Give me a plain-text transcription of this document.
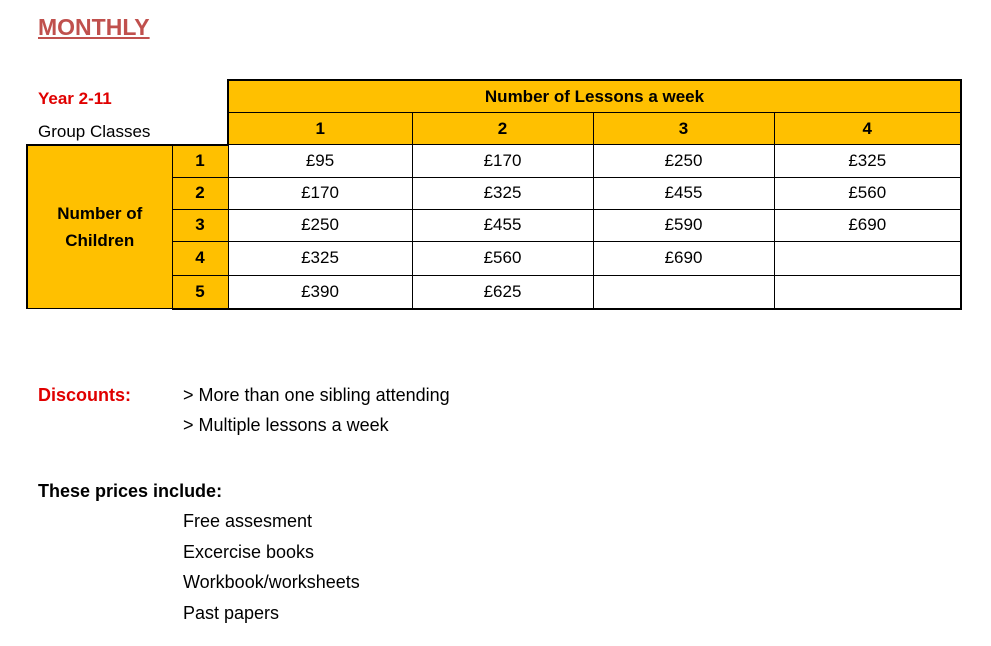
MONTHLY
		Number of Lessons a week			
		1	2	3	4
Number of
Children	1	£95	£170	£250	£325
	2	£170	£325	£455	£560
	3	£250	£455	£590	£690
	4	£325	£560	£690	
	5	£390	£625		
Year 2-11
Group Classes
Discounts:	> More than one sibling attending
> Multiple lessons a week
These prices include:
Free assesment
Excercise books
Workbook/worksheets
Past papers
